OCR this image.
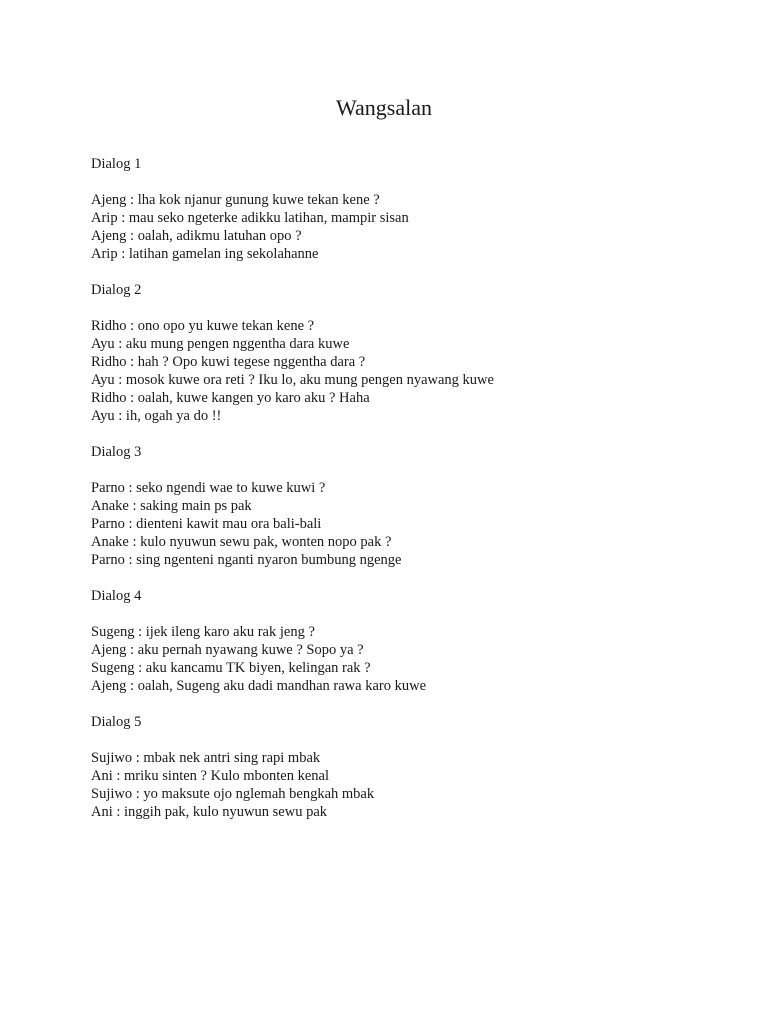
Wangsalan
Dialog 1
Ajeng : lha kok njanur gunung kuwe tekan kene ?
Arip : mau seko ngeterke adikku latihan, mampir sisan
Ajeng : oalah, adikmu latuhan opo ?
Arip : latihan gamelan ing sekolahanne
Dialog 2
Ridho : ono opo yu kuwe tekan kene ?
Ayu : aku mung pengen nggentha dara kuwe
Ridho : hah ? Opo kuwi tegese nggentha dara ?
Ayu : mosok kuwe ora reti ? Iku lo, aku mung pengen nyawang kuwe
Ridho : oalah, kuwe kangen yo karo aku ? Haha
Ayu : ih, ogah ya do !!
Dialog 3
Parno : seko ngendi wae to kuwe kuwi ?
Anake : saking main ps pak
Parno : dienteni kawit mau ora bali-bali
Anake : kulo nyuwun sewu pak, wonten nopo pak ?
Parno : sing ngenteni nganti nyaron bumbung ngenge
Dialog 4
Sugeng : ijek ileng karo aku rak jeng ?
Ajeng : aku pernah nyawang kuwe ? Sopo ya ?
Sugeng : aku kancamu TK biyen, kelingan rak ?
Ajeng : oalah, Sugeng aku dadi mandhan rawa karo kuwe
Dialog 5
Sujiwo : mbak nek antri sing rapi mbak
Ani : mriku sinten ? Kulo mbonten kenal
Sujiwo : yo maksute ojo nglemah bengkah mbak
Ani : inggih pak, kulo nyuwun sewu pak
